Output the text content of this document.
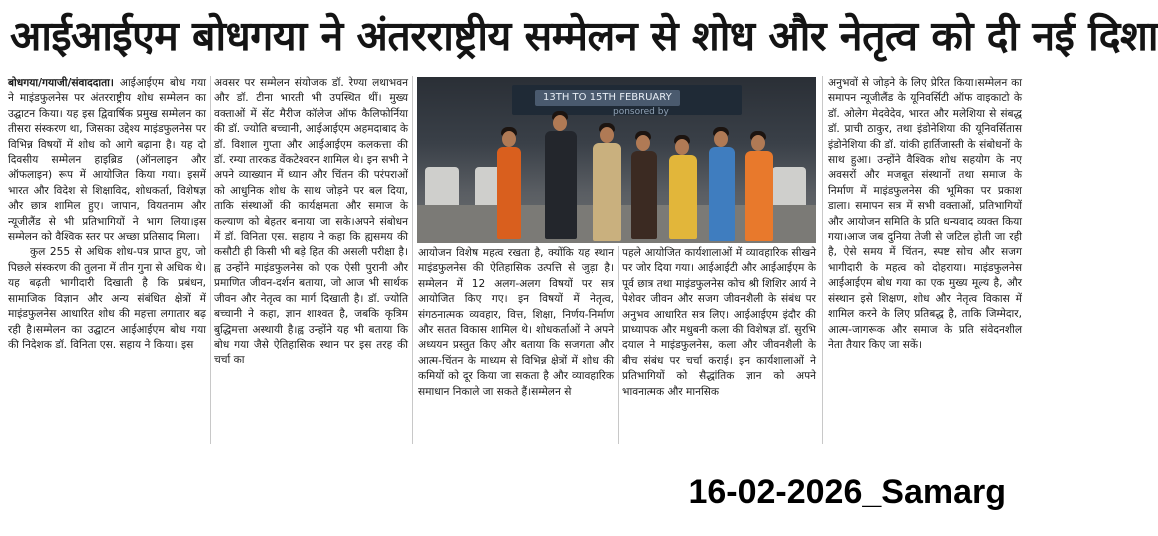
आईआईएम बोधगया ने अंतरराष्ट्रीय सम्मेलन से शोध और नेतृत्व को दी नई दिशा

बोधगया/गयाजी/संवाददाता। आईआईएम बोध गया ने माइंडफुलनेस पर अंतरराष्ट्रीय शोध सम्मेलन का उद्घाटन किया। यह इस द्विवार्षिक प्रमुख सम्मेलन का तीसरा संस्करण था, जिसका उद्देश्य माइंडफुलनेस पर विभिन्न विषयों में शोध को आगे बढ़ाना है। यह दो दिवसीय सम्मेलन हाइब्रिड (ऑनलाइन और ऑफलाइन) रूप में आयोजित किया गया। इसमें भारत और विदेश से शिक्षाविद, शोधकर्ता, विशेषज्ञ और छात्र शामिल हुए। जापान, वियतनाम और न्यूजीलैंड से भी प्रतिभागियों ने भाग लिया।इस सम्मेलन को वैश्विक स्तर पर अच्छा प्रतिसाद मिला।

कुल 255 से अधिक शोध-पत्र प्राप्त हुए, जो पिछले संस्करण की तुलना में तीन गुना से अधिक थे। यह बढ़ती भागीदारी दिखाती है कि प्रबंधन, सामाजिक विज्ञान और अन्य संबंधित क्षेत्रों में माइंडफुलनेस आधारित शोध की महत्ता लगातार बढ़ रही है।सम्मेलन का उद्घाटन आईआईएम बोध गया की निदेशक डॉ. विनिता एस. सहाय ने किया। इस

अवसर पर सम्मेलन संयोजक डॉ. रेण्या लथाभवन और डॉ. टीना भारती भी उपस्थित थीं। मुख्य वक्ताओं में सेंट मैरीज कॉलेज ऑफ कैलिफोर्निया की डॉ. ज्योति बच्चानी, आईआईएम अहमदाबाद के डॉ. विशाल गुप्ता और आईआईएम कलकत्ता की डॉ. रम्या तारकड वेंकटेश्वरन शामिल थे। इन सभी ने अपने व्याख्यान में ध्यान और चिंतन की परंपराओं को आधुनिक शोध के साथ जोड़ने पर बल दिया, ताकि संस्थाओं की कार्यक्षमता और समाज के कल्याण को बेहतर बनाया जा सके।अपने संबोधन में डॉ. विनिता एस. सहाय ने कहा कि ह्यसमय की कसौटी ही किसी भी बड़े हित की असली परीक्षा है।ह्व उन्होंने माइंडफुलनेस को एक ऐसी पुरानी और प्रमाणित जीवन-दर्शन बताया, जो आज भी सार्थक जीवन और नेतृत्व का मार्ग दिखाती है। डॉ. ज्योति बच्चानी ने कहा, ज्ञान शाश्वत है, जबकि कृत्रिम बुद्धिमत्ता अस्थायी है।ह्व उन्होंने यह भी बताया कि बोध गया जैसे ऐतिहासिक स्थान पर इस तरह की चर्चा का

13TH TO 15TH FEBRUARY
ponsored by

आयोजन विशेष महत्व रखता है, क्योंकि यह स्थान माइंडफुलनेस की ऐतिहासिक उत्पत्ति से जुड़ा है।सम्मेलन में 12 अलग-अलग विषयों पर सत्र आयोजित किए गए। इन विषयों में नेतृत्व, संगठनात्मक व्यवहार, वित्त, शिक्षा, निर्णय-निर्माण और सतत विकास शामिल थे। शोधकर्ताओं ने अपने अध्ययन प्रस्तुत किए और बताया कि सजगता और आत्म-चिंतन के माध्यम से विभिन्न क्षेत्रों में शोध की कमियों को दूर किया जा सकता है और व्यावहारिक समाधान निकाले जा सकते हैं।सम्मेलन से

पहले आयोजित कार्यशालाओं में व्यावहारिक सीखने पर जोर दिया गया। आईआईटी और आईआईएम के पूर्व छात्र तथा माइंडफुलनेस कोच श्री शिशिर आर्य ने पेशेवर जीवन और सजग जीवनशैली के संबंध पर अनुभव आधारित सत्र लिए। आईआईएम इंदौर की प्राध्यापक और मधुबनी कला की विशेषज्ञ डॉ. सुरभि दयाल ने माइंडफुलनेस, कला और जीवनशैली के बीच संबंध पर चर्चा कराई। इन कार्यशालाओं ने प्रतिभागियों को सैद्धांतिक ज्ञान को अपने भावनात्मक और मानसिक

अनुभवों से जोड़ने के लिए प्रेरित किया।सम्मेलन का समापन न्यूजीलैंड के यूनिवर्सिटी ऑफ वाइकाटो के डॉ. ओलेग मेदवेदेव, भारत और मलेशिया से संबद्ध डॉ. प्राची ठाकुर, तथा इंडोनेशिया की यूनिवर्सितास इंडोनेशिया की डॉ. यांकी हार्तिजास्ती के संबोधनों के साथ हुआ। उन्होंने वैश्विक शोध सहयोग के नए अवसरों और मजबूत संस्थानों तथा समाज के निर्माण में माइंडफुलनेस की भूमिका पर प्रकाश डाला। समापन सत्र में सभी वक्ताओं, प्रतिभागियों और आयोजन समिति के प्रति धन्यवाद व्यक्त किया गया।आज जब दुनिया तेजी से जटिल होती जा रही है, ऐसे समय में चिंतन, स्पष्ट सोच और सजग भागीदारी के महत्व को दोहराया। माइंडफुलनेस आईआईएम बोध गया का एक मुख्य मूल्य है, और संस्थान इसे शिक्षण, शोध और नेतृत्व विकास में शामिल करने के लिए प्रतिबद्ध है, ताकि जिम्मेदार, आत्म-जागरूक और समाज के प्रति संवेदनशील नेता तैयार किए जा सकें।

16-02-2026_Samarg
